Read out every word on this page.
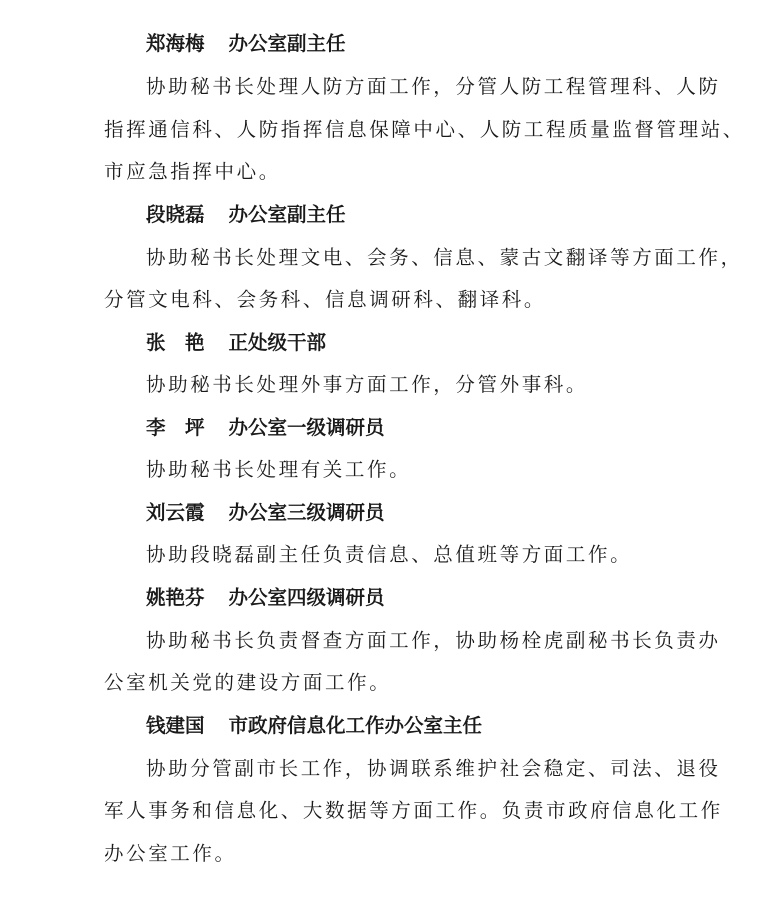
郑海梅 办公室副主任
协助秘书长处理人防方面工作，分管人防工程管理科、人防
指挥通信科、人防指挥信息保障中心、人防工程质量监督管理站、
市应急指挥中心。
段晓磊 办公室副主任
协助秘书长处理文电、会务、信息、蒙古文翻译等方面工作，
分管文电科、会务科、信息调研科、翻译科。
张　艳 正处级干部
协助秘书长处理外事方面工作，分管外事科。
李　坪 办公室一级调研员
协助秘书长处理有关工作。
刘云霞 办公室三级调研员
协助段晓磊副主任负责信息、总值班等方面工作。
姚艳芬 办公室四级调研员
协助秘书长负责督查方面工作，协助杨栓虎副秘书长负责办
公室机关党的建设方面工作。
钱建国 市政府信息化工作办公室主任
协助分管副市长工作，协调联系维护社会稳定、司法、退役
军人事务和信息化、大数据等方面工作。负责市政府信息化工作
办公室工作。
